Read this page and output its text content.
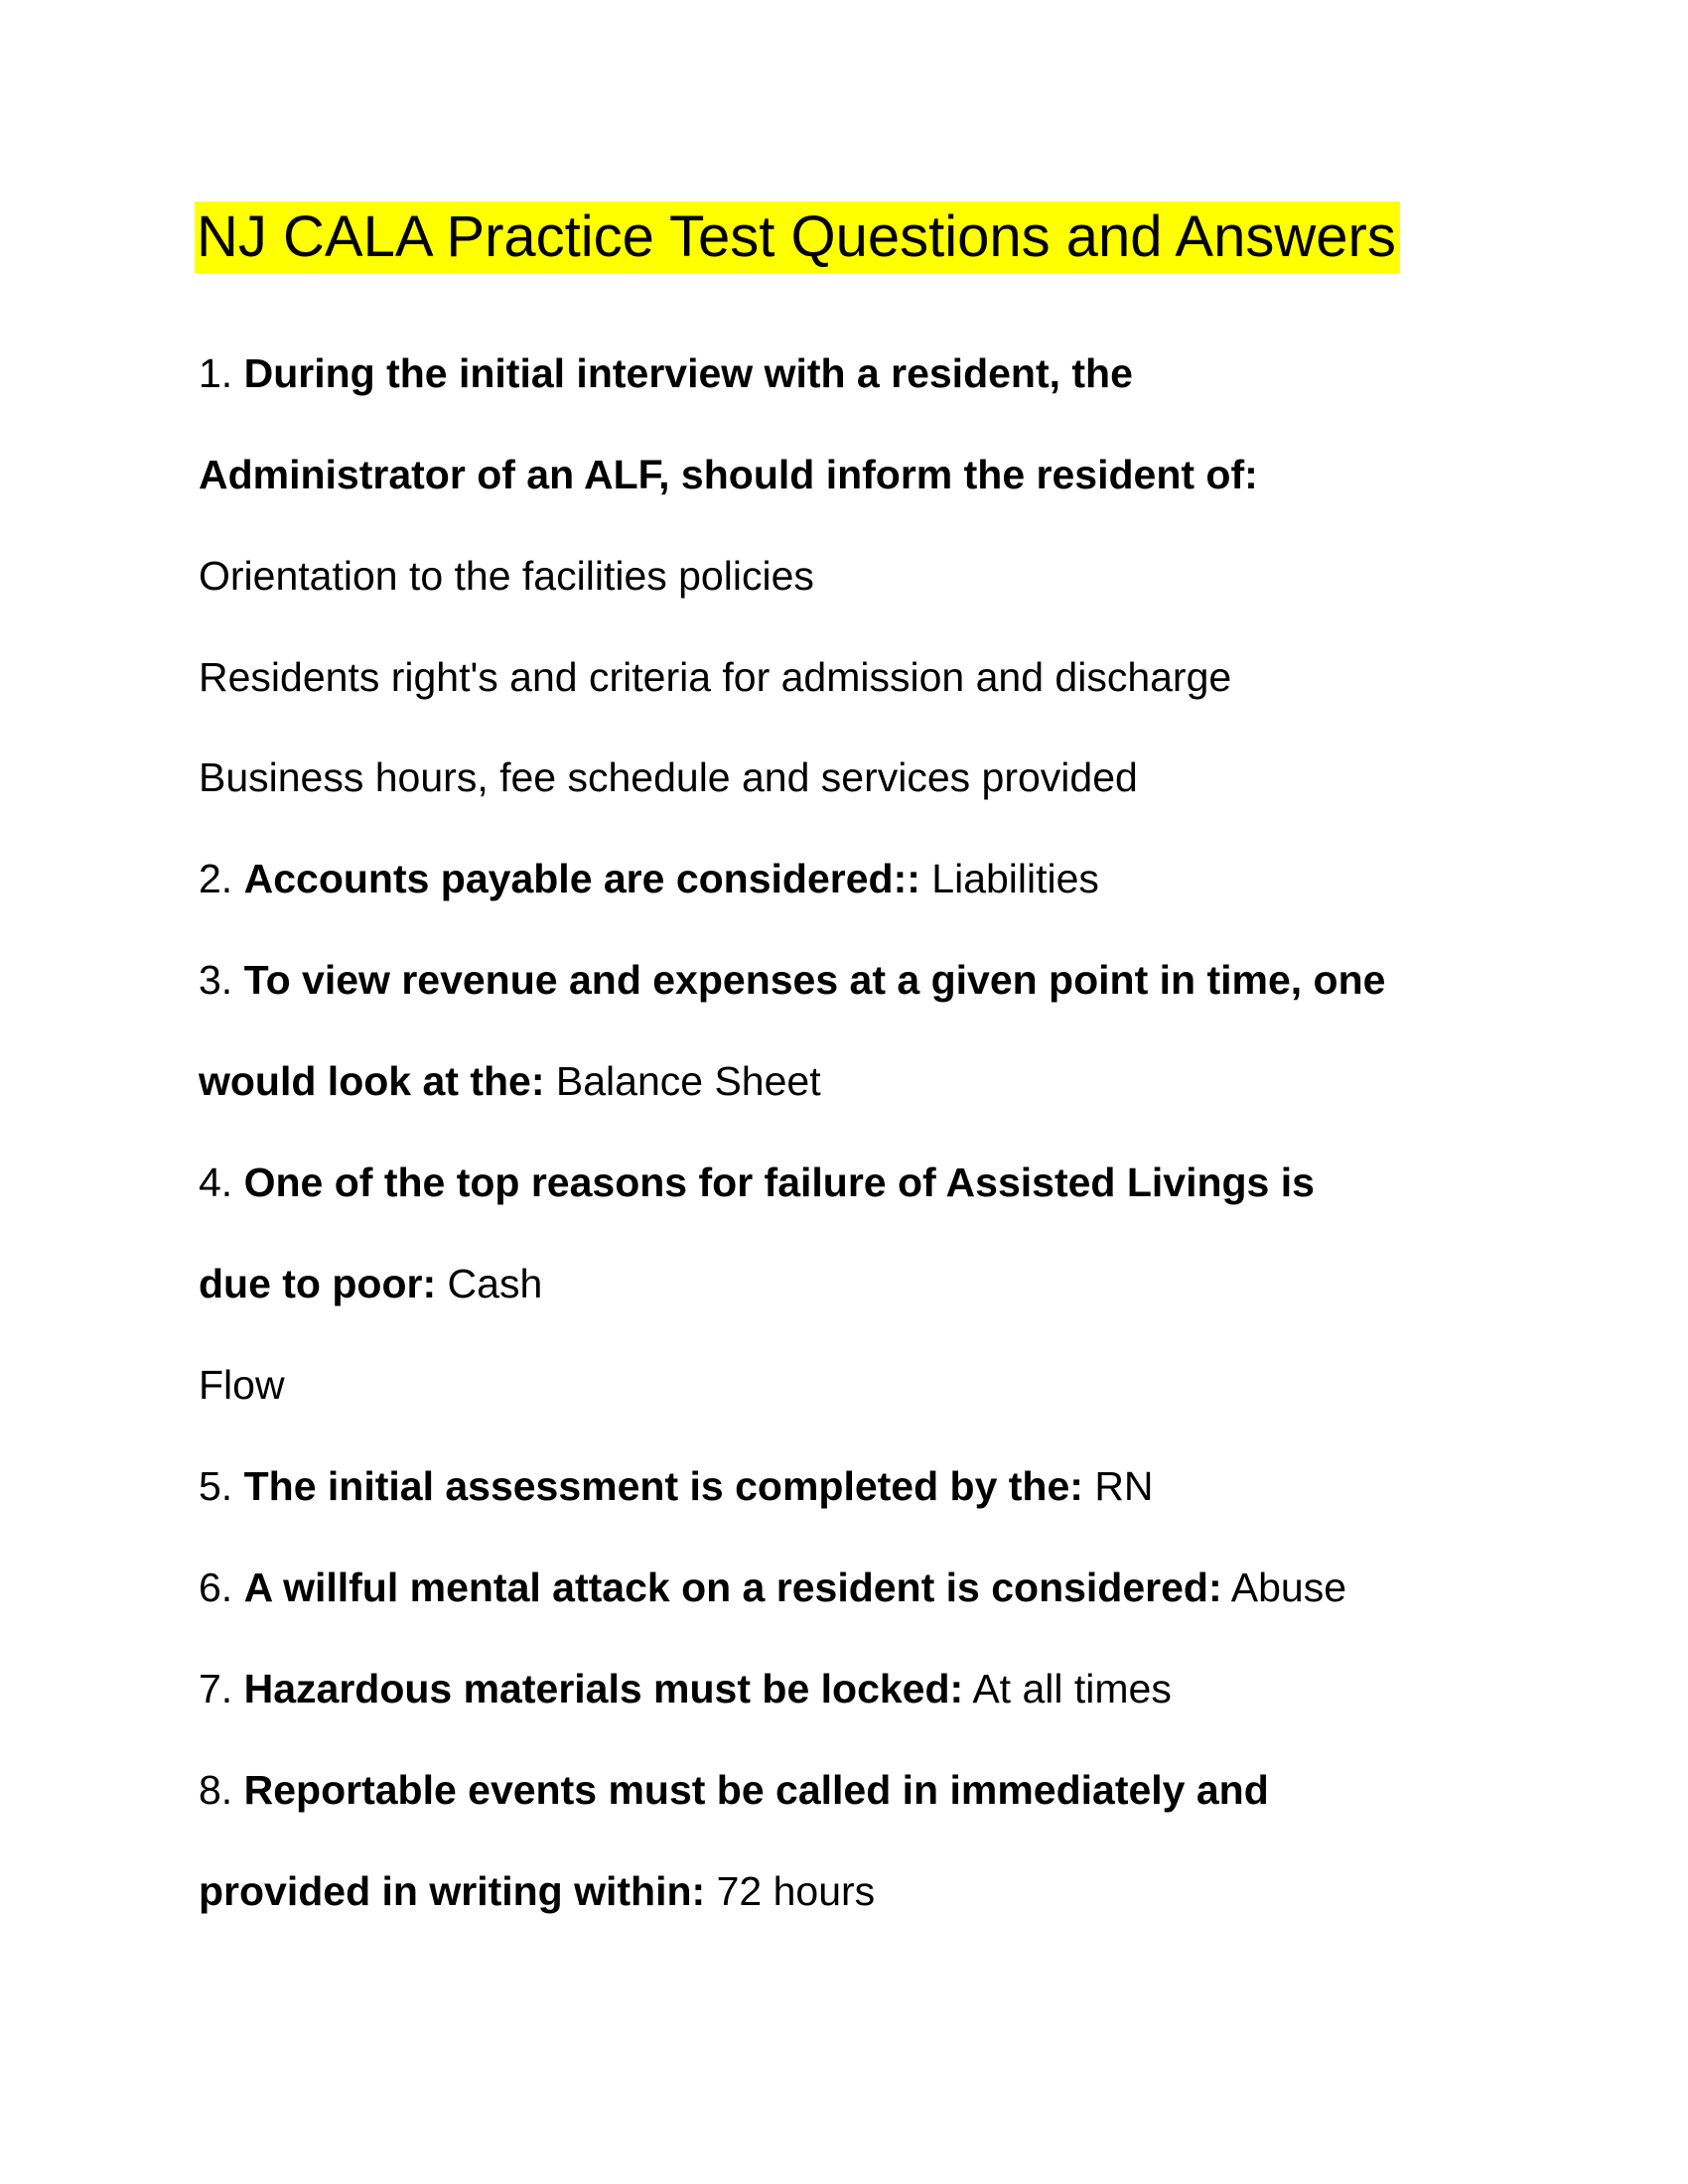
NJ CALA Practice Test Questions and Answers
1. During the initial interview with a resident, the
Administrator of an ALF, should inform the resident of:
Orientation to the facilities policies
Residents right's and criteria for admission and discharge
Business hours, fee schedule and services provided
2. Accounts payable are considered:: Liabilities
3. To view revenue and expenses at a given point in time, one
would look at the: Balance Sheet
4. One of the top reasons for failure of Assisted Livings is
due to poor: Cash
Flow
5. The initial assessment is completed by the: RN
6. A willful mental attack on a resident is considered: Abuse
7. Hazardous materials must be locked: At all times
8. Reportable events must be called in immediately and
provided in writing within: 72 hours
